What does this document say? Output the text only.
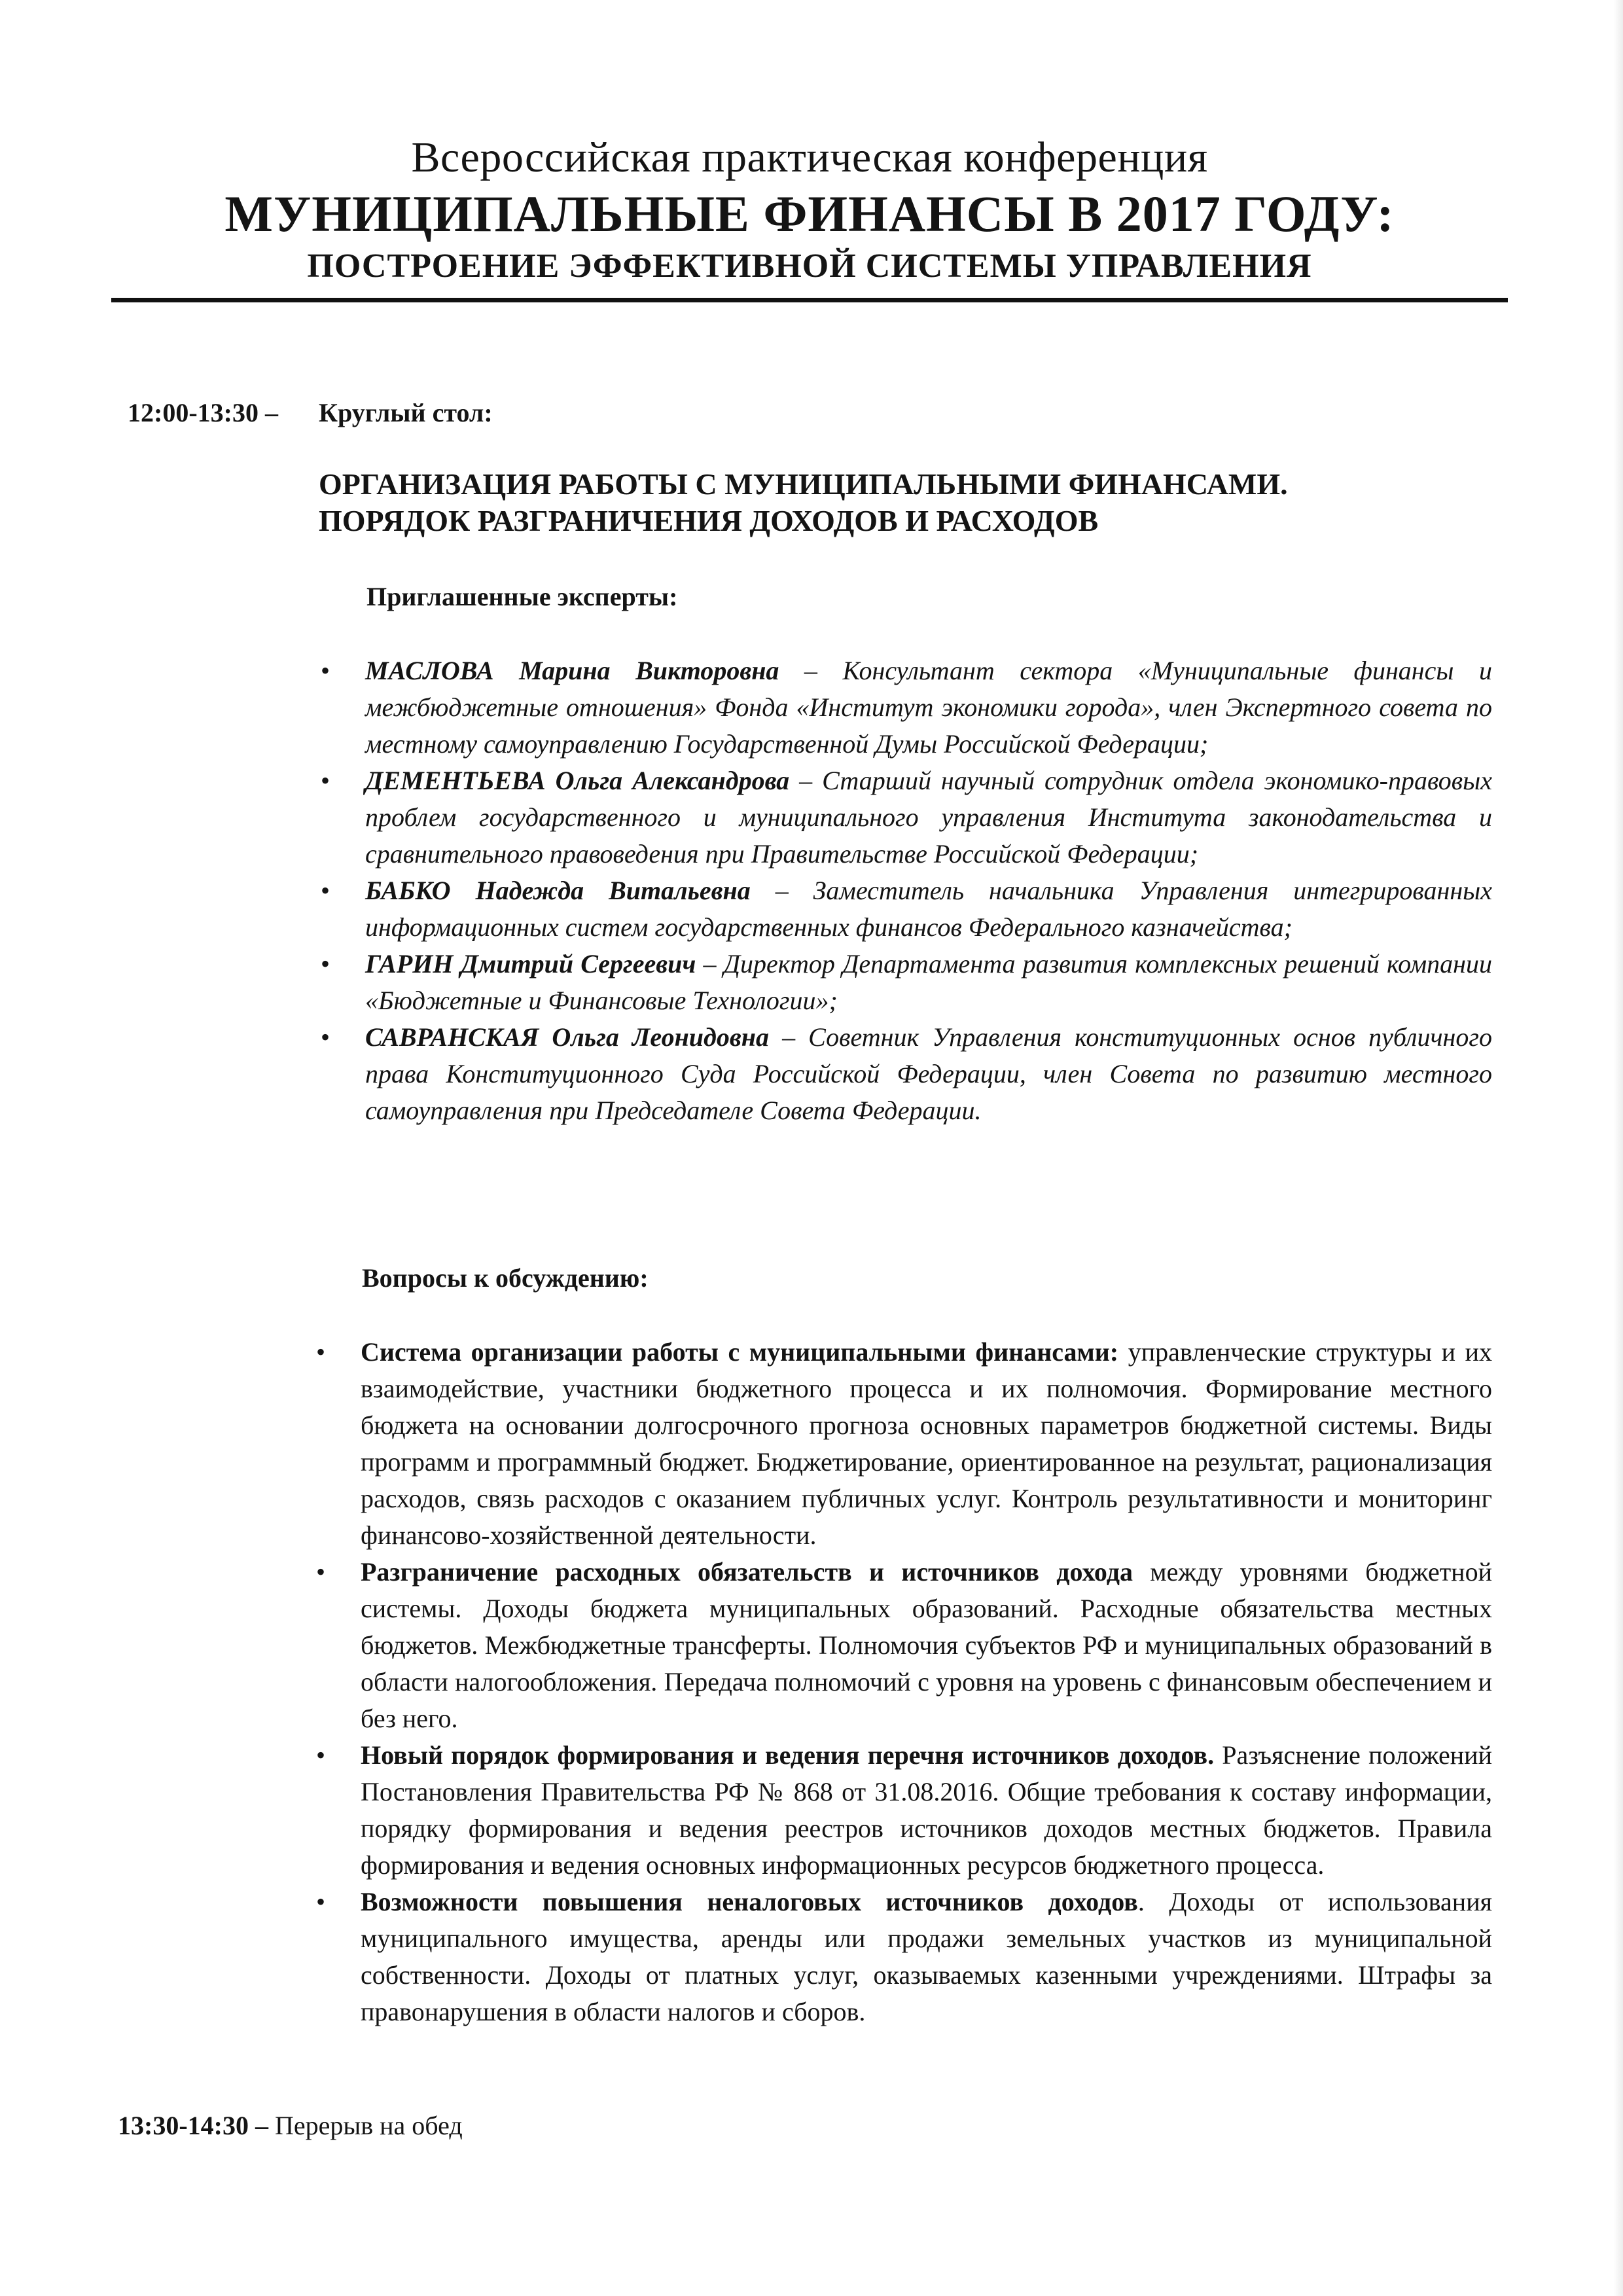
Всероссийская практическая конференция
МУНИЦИПАЛЬНЫЕ ФИНАНСЫ В 2017 ГОДУ:
ПОСТРОЕНИЕ ЭФФЕКТИВНОЙ СИСТЕМЫ УПРАВЛЕНИЯ
12:00-13:30 – Круглый стол:
ОРГАНИЗАЦИЯ РАБОТЫ С МУНИЦИПАЛЬНЫМИ ФИНАНСАМИ.
ПОРЯДОК РАЗГРАНИЧЕНИЯ ДОХОДОВ И РАСХОДОВ
Приглашенные эксперты:
• МАСЛОВА Марина Викторовна – Консультант сектора «Муниципальные финансы и межбюджетные отношения» Фонда «Институт экономики города», член Экспертного совета по местному самоуправлению Государственной Думы Российской Федерации;
• ДЕМЕНТЬЕВА Ольга Александрова – Старший научный сотрудник отдела экономико-правовых проблем государственного и муниципального управления Института законодательства и сравнительного правоведения при Правительстве Российской Федерации;
• БАБКО Надежда Витальевна – Заместитель начальника Управления интегрированных информационных систем государственных финансов Федерального казначейства;
• ГАРИН Дмитрий Сергеевич – Директор Департамента развития комплексных решений компании «Бюджетные и Финансовые Технологии»;
• САВРАНСКАЯ Ольга Леонидовна – Советник Управления конституционных основ публичного права Конституционного Суда Российской Федерации, член Совета по развитию местного самоуправления при Председателе Совета Федерации.
Вопросы к обсуждению:
• Система организации работы с муниципальными финансами: управленческие структуры и их взаимодействие, участники бюджетного процесса и их полномочия. Формирование местного бюджета на основании долгосрочного прогноза основных параметров бюджетной системы. Виды программ и программный бюджет. Бюджетирование, ориентированное на результат, рационализация расходов, связь расходов с оказанием публичных услуг. Контроль результативности и мониторинг финансово-хозяйственной деятельности.
• Разграничение расходных обязательств и источников дохода между уровнями бюджетной системы. Доходы бюджета муниципальных образований. Расходные обязательства местных бюджетов. Межбюджетные трансферты. Полномочия субъектов РФ и муниципальных образований в области налогообложения. Передача полномочий с уровня на уровень с финансовым обеспечением и без него.
• Новый порядок формирования и ведения перечня источников доходов. Разъяснение положений Постановления Правительства РФ № 868 от 31.08.2016. Общие требования к составу информации, порядку формирования и ведения реестров источников доходов местных бюджетов. Правила формирования и ведения основных информационных ресурсов бюджетного процесса.
• Возможности повышения неналоговых источников доходов. Доходы от использования муниципального имущества, аренды или продажи земельных участков из муниципальной собственности. Доходы от платных услуг, оказываемых казенными учреждениями. Штрафы за правонарушения в области налогов и сборов.
13:30-14:30 – Перерыв на обед
